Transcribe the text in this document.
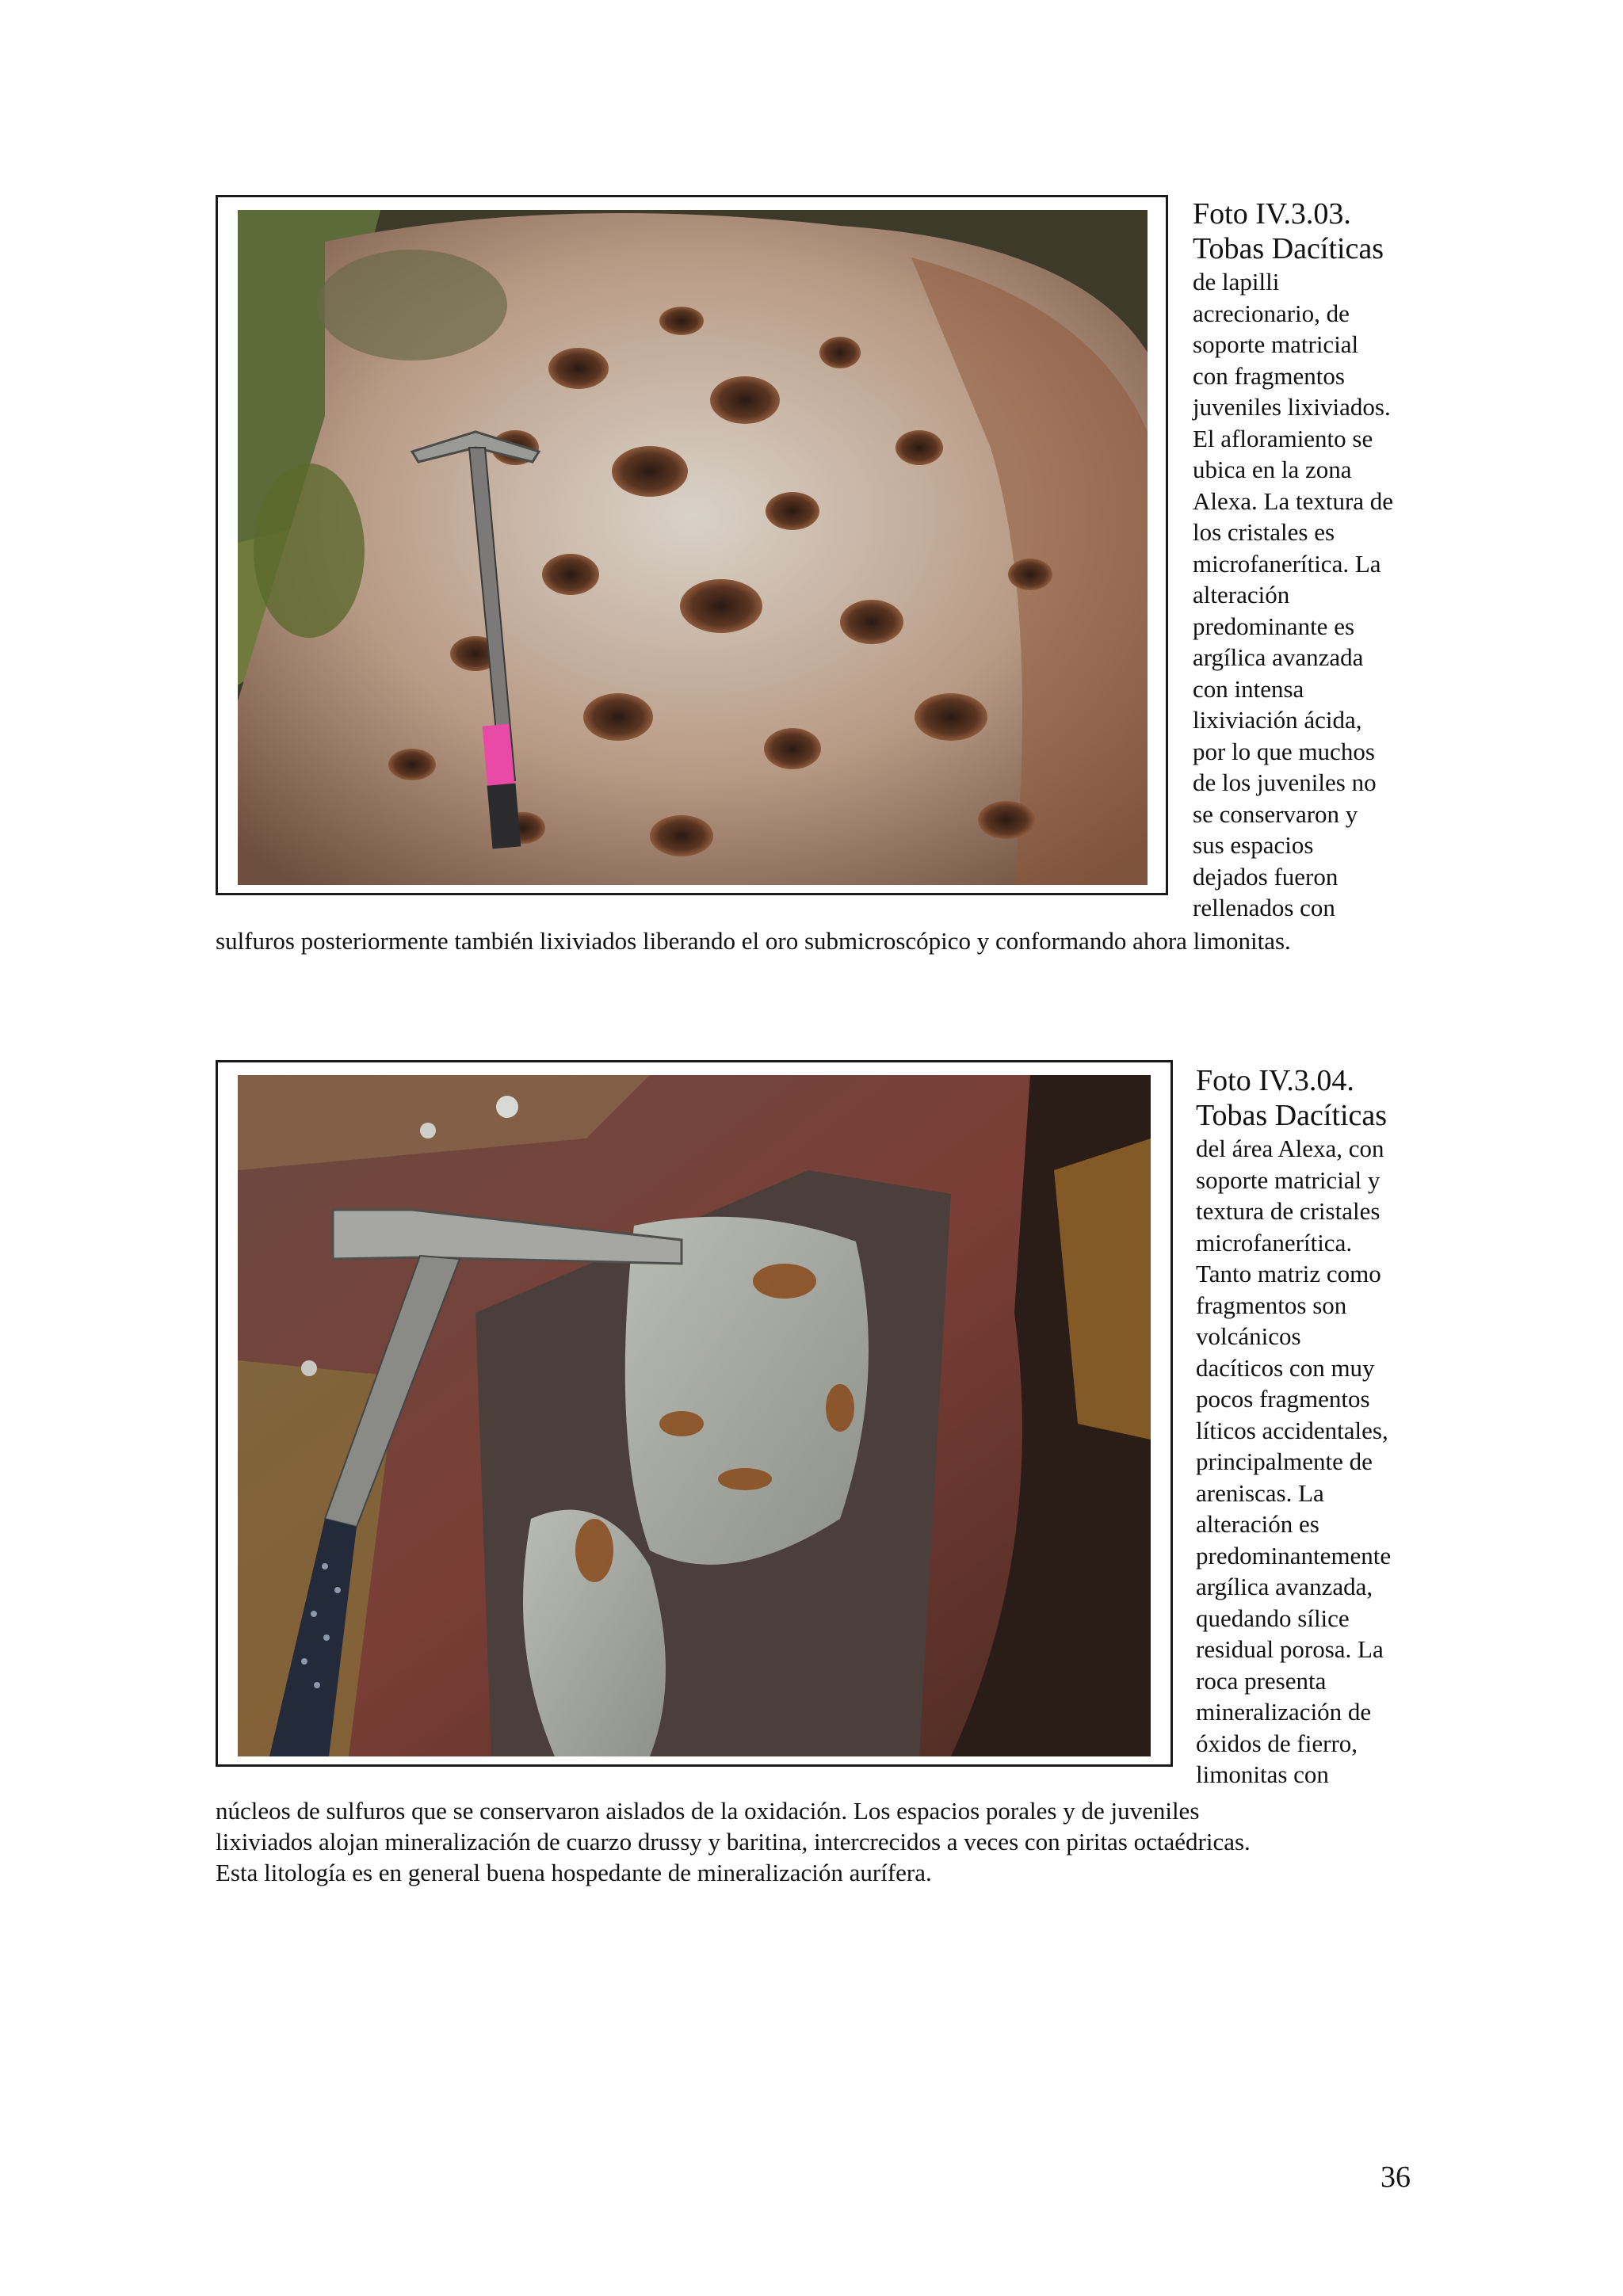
Foto IV.3.03.
Tobas Dacíticas
de lapilli
acrecionario, de
soporte matricial
con fragmentos
juveniles lixiviados.
El afloramiento se
ubica en la zona
Alexa. La textura de
los cristales es
microfanerítica. La
alteración
predominante es
argílica avanzada
con intensa
lixiviación ácida,
por lo que muchos
de los juveniles no
se conservaron y
sus espacios
dejados fueron
rellenados con
sulfuros posteriormente también lixiviados liberando el oro submicroscópico y conformando ahora limonitas.
Foto IV.3.04.
Tobas Dacíticas
del área Alexa, con
soporte matricial y
textura de cristales
microfanerítica.
Tanto matriz como
fragmentos son
volcánicos
dacíticos con muy
pocos fragmentos
líticos accidentales,
principalmente de
areniscas. La
alteración es
predominantemente
argílica avanzada,
quedando sílice
residual porosa. La
roca presenta
mineralización de
óxidos de fierro,
limonitas con
núcleos de sulfuros que se conservaron aislados de la oxidación. Los espacios porales y de juveniles
lixiviados alojan mineralización de cuarzo drussy y baritina, intercrecidos a veces con piritas octaédricas.
Esta litología es en general buena hospedante de mineralización aurífera.
36
